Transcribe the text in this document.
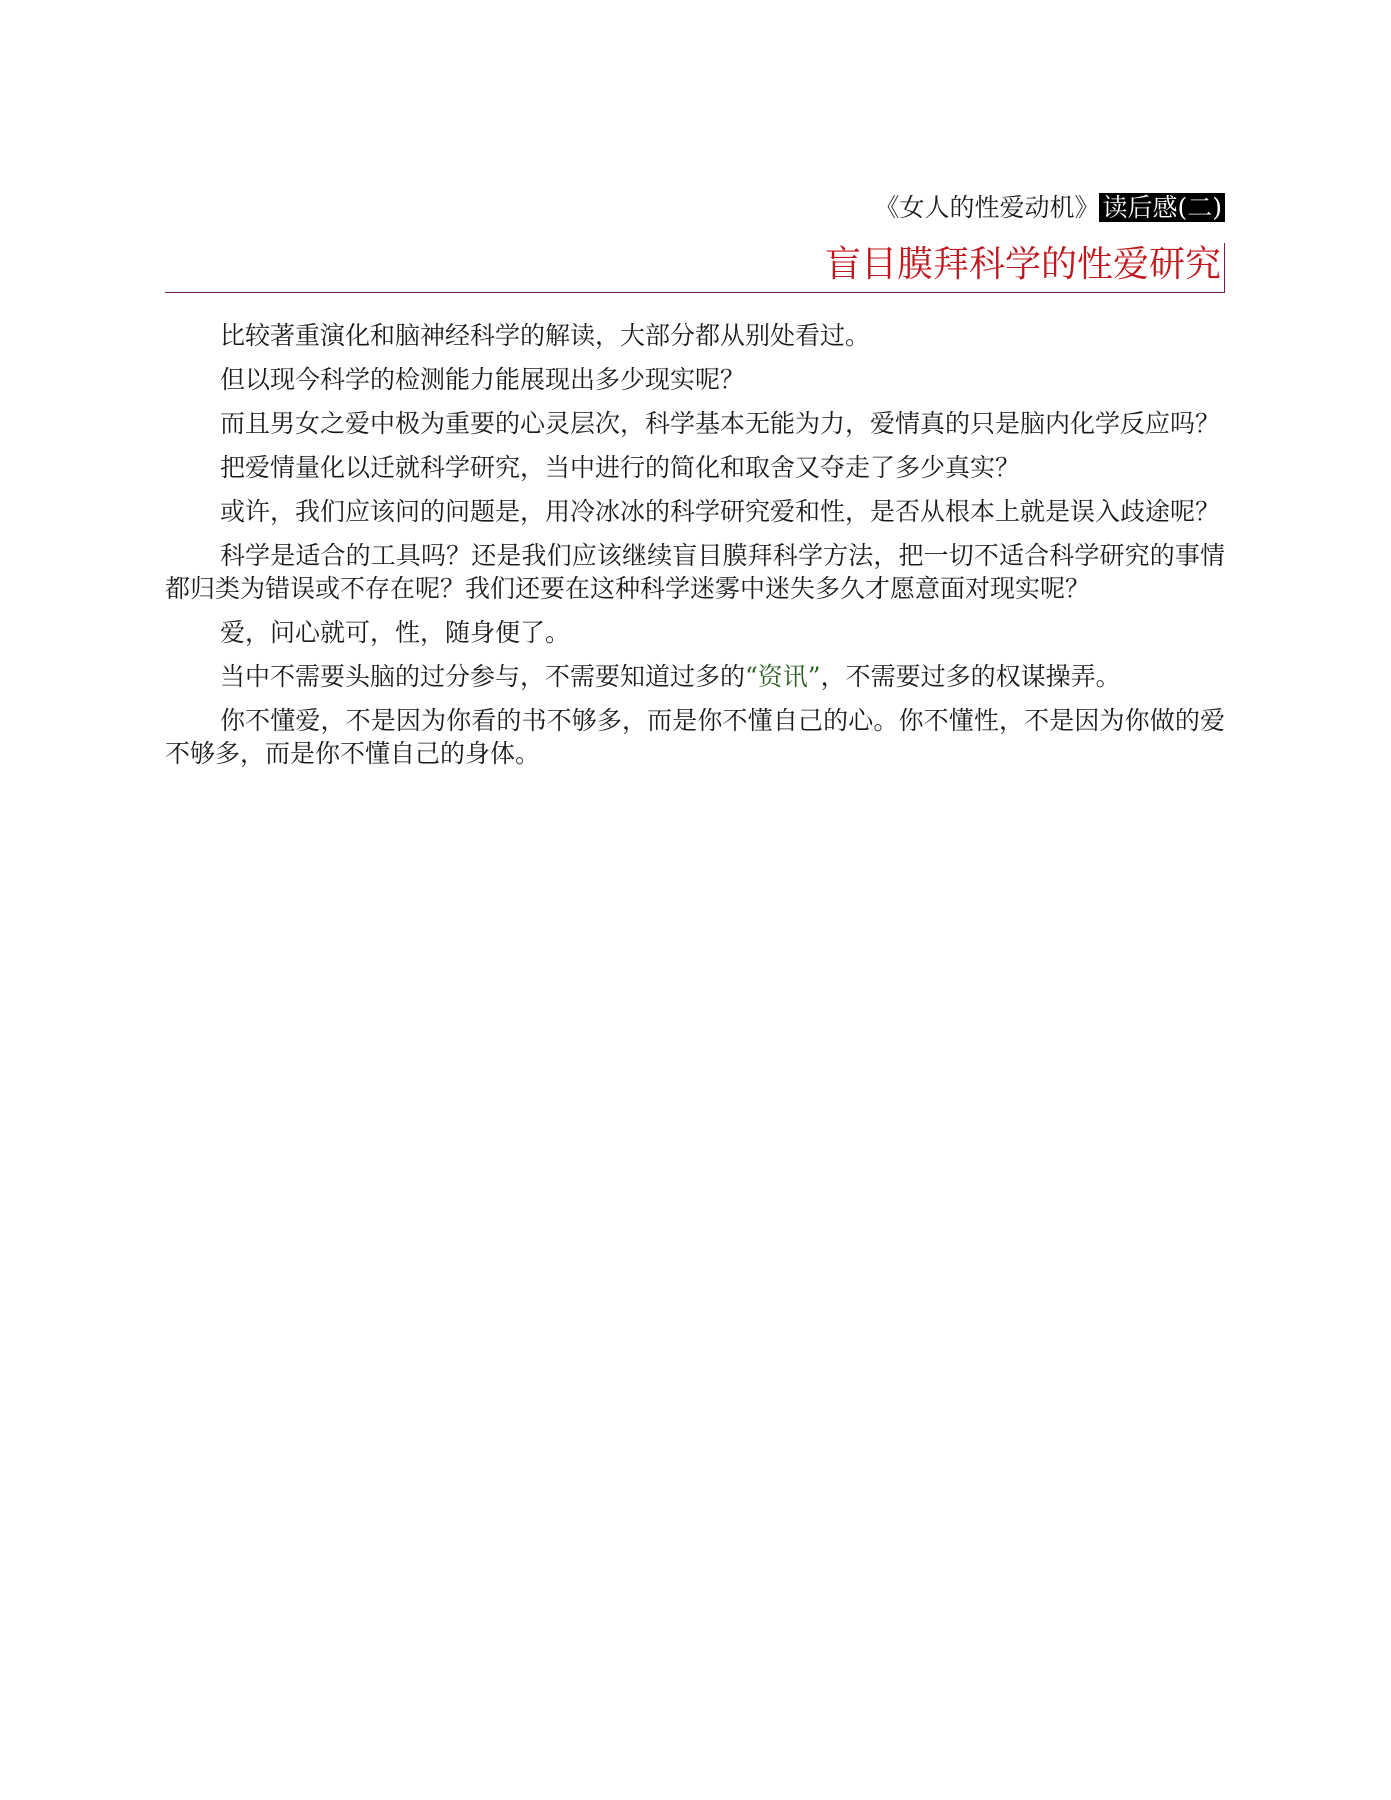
《女人的性爱动机》 读后感(二)
盲目膜拜科学的性爱研究

比较著重演化和脑神经科学的解读，大部分都从别处看过。

但以现今科学的检测能力能展现出多少现实呢？

而且男女之爱中极为重要的心灵层次，科学基本无能为力，爱情真的只是脑内化学反应吗？

把爱情量化以迁就科学研究，当中进行的简化和取舍又夺走了多少真实？

或许，我们应该问的问题是，用冷冰冰的科学研究爱和性，是否从根本上就是误入歧途呢？

科学是适合的工具吗？还是我们应该继续盲目膜拜科学方法，把一切不适合科学研究的事情都归类为错误或不存在呢？我们还要在这种科学迷雾中迷失多久才愿意面对现实呢？

爱，问心就可，性，随身便了。

当中不需要头脑的过分参与，不需要知道过多的“资讯”，不需要过多的权谋操弄。

你不懂爱，不是因为你看的书不够多，而是你不懂自己的心。你不懂性，不是因为你做的爱不够多，而是你不懂自己的身体。
